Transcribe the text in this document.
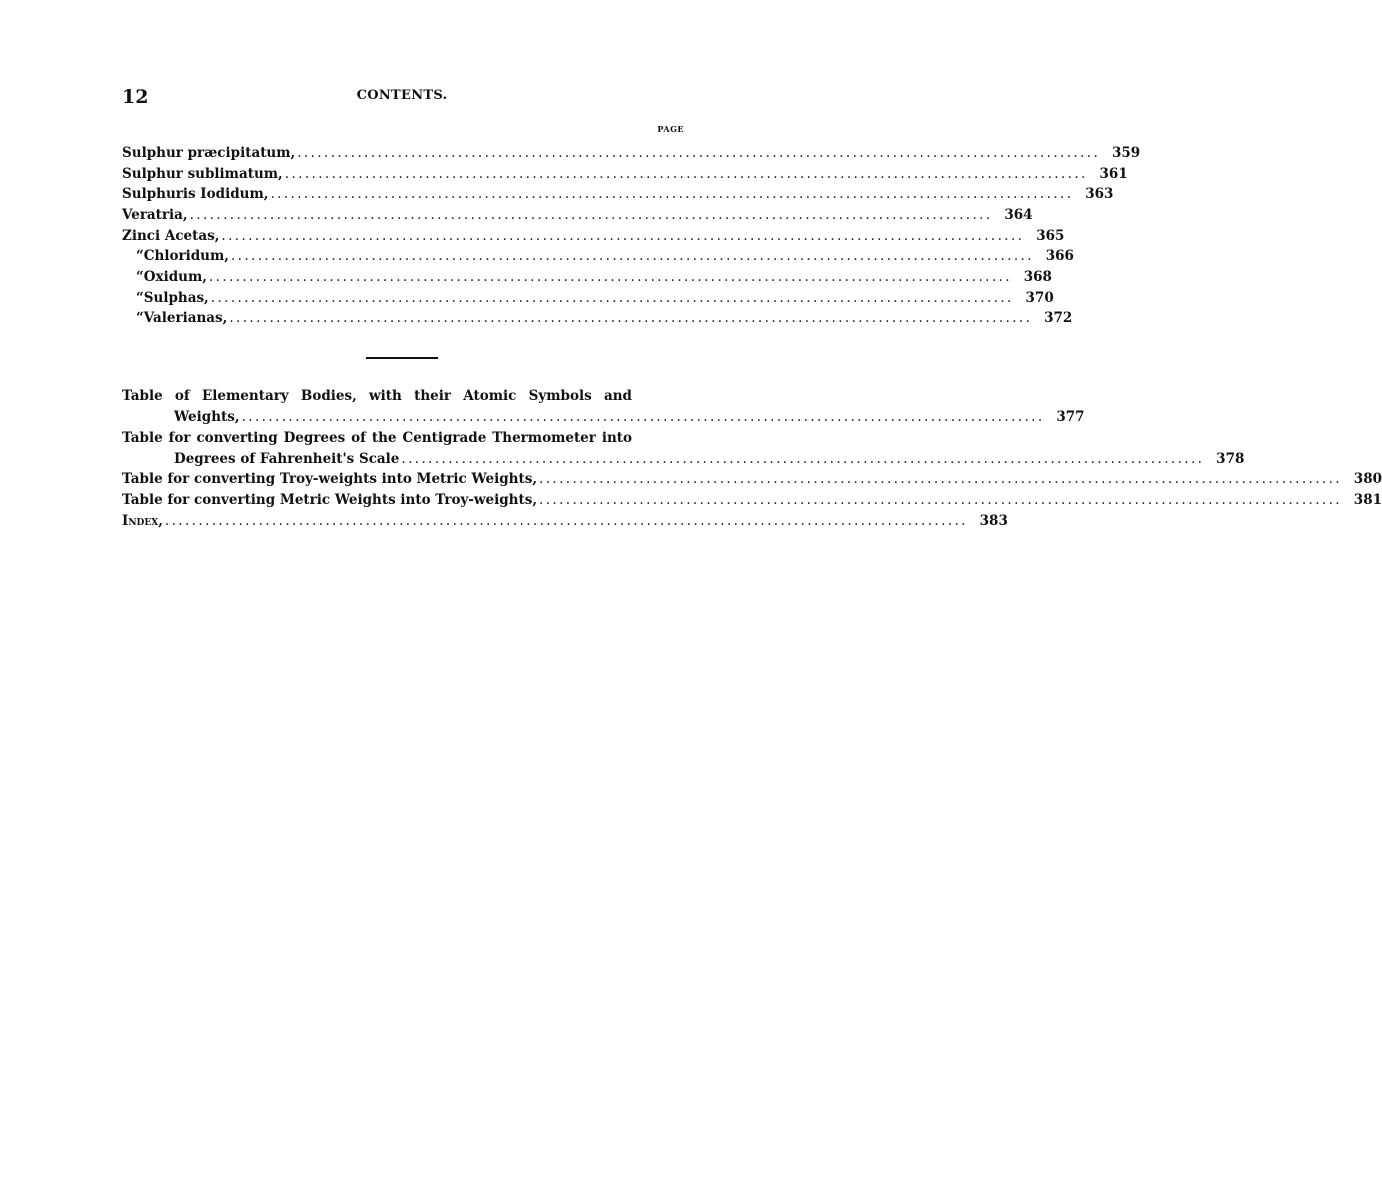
12	CONTENTS.
PAGE
Sulphur præcipitatum, ........................................................................................................................ 359
Sulphur sublimatum, ........................................................................................................................ 361
Sulphuris Iodidum, ........................................................................................................................ 363
Veratria, ........................................................................................................................ 364
Zinci Acetas, ........................................................................................................................ 365
“ Chloridum, ........................................................................................................................ 366
“ Oxidum, ........................................................................................................................ 368
“ Sulphas, ........................................................................................................................ 370
“ Valerianas, ........................................................................................................................ 372
Table of Elementary Bodies, with their Atomic Symbols and
Weights, ........................................................................................................................ 377
Table for converting Degrees of the Centigrade Thermometer into
Degrees of Fahrenheit's Scale ........................................................................................................................ 378
Table for converting Troy-weights into Metric Weights, ........................................................................................................................ 380
Table for converting Metric Weights into Troy-weights, ........................................................................................................................ 381
Index, ........................................................................................................................ 383
